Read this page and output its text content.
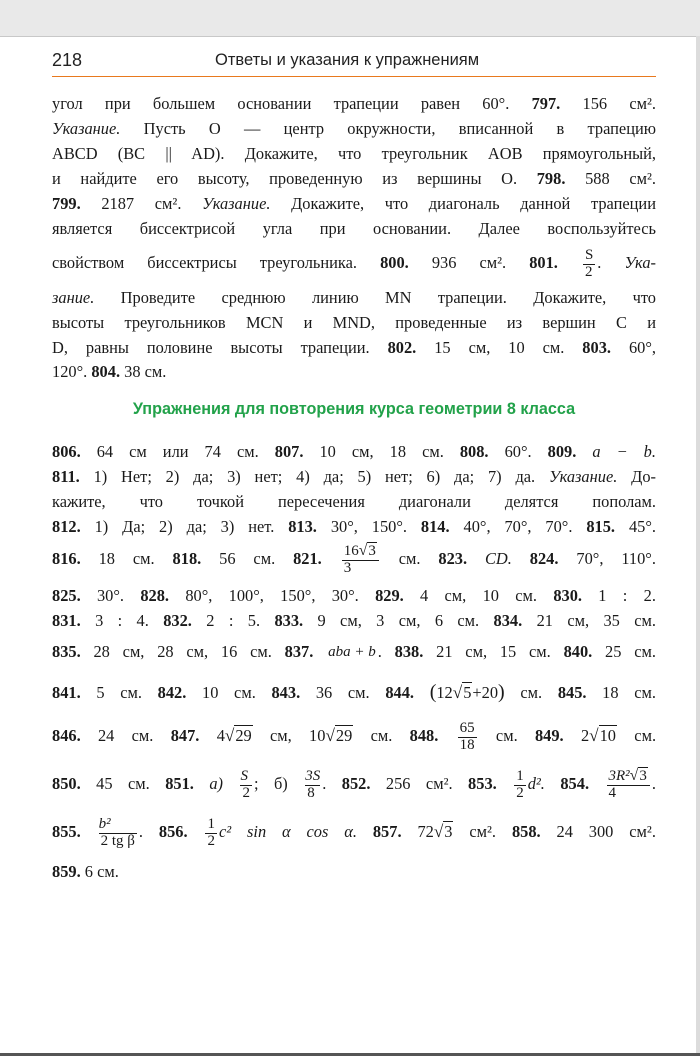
218	Ответы и указания к упражнениям
угол при большем основании трапеции равен 60°. 797. 156 см².
Указание. Пусть O — центр окружности, вписанной в трапецию
ABCD (BC || AD). Докажите, что треугольник AOB прямоугольный,
и найдите его высоту, проведенную из вершины O. 798. 588 см².
799. 2187 см². Указание. Докажите, что диагональ данной трапеции
является биссектрисой угла при основании. Далее воспользуйтесь
свойством биссектрисы треугольника. 800. 936 см². 801. $\frac{S}{2}$ . Ука-
зание. Проведите среднюю линию MN трапеции. Докажите, что
высоты треугольников MCN и MND, проведенные из вершин C и
D, равны половине высоты трапеции. 802. 15 см, 10 см. 803. 60°,
120°. 804. 38 см.
Упражнения для повторения курса геометрии 8 класса
806. 64 см или 74 см. 807. 10 см, 18 см. 808. 60°. 809. a − b.
811. 1) Нет; 2) да; 3) нет; 4) да; 5) нет; 6) да; 7) да. Указание. До-
кажите, что точкой пересечения диагонали делятся пополам.
812. 1) Да; 2) да; 3) нет. 813. 30°, 150°. 814. 40°, 70°, 70°. 815. 45°.
816. 18 см. 818. 56 см. 821. $\frac{16√3}{3}$ см. 823. CD. 824. 70°, 110°.
825. 30°. 828. 80°, 100°, 150°, 30°. 829. 4 см, 10 см. 830. 1 : 2.
831. 3 : 4. 832. 2 : 5. 833. 9 см, 3 см, 6 см. 834. 21 см, 35 см.
835. 28 см, 28 см, 16 см. 837. aba + b . 838. 21 см, 15 см. 840. 25 см.
841. 5 см. 842. 10 см. 843. 36 см. 844. (12√5+20) см. 845. 18 см.
846. 24 см. 847. 4√29 см, 10√29 см. 848. $\frac{65}{18}$ см. 849. 2√10 см.
850. 45 см. 851. $а) \frac{S}{2}$ ; $б) \frac{3S}{8}$ . 852. 256 см². 853. $\frac{1}{2} d^2$. 854. $\frac{\text{3R²√3}}{4}$ .
855. $\frac{\text{b²}}{\text{2 tg β}}$ . 856. $\frac{1}{2} c^2$ sin α cos α. 857. 72√3 см². 858. 24 300 см².
859. 6 см.
